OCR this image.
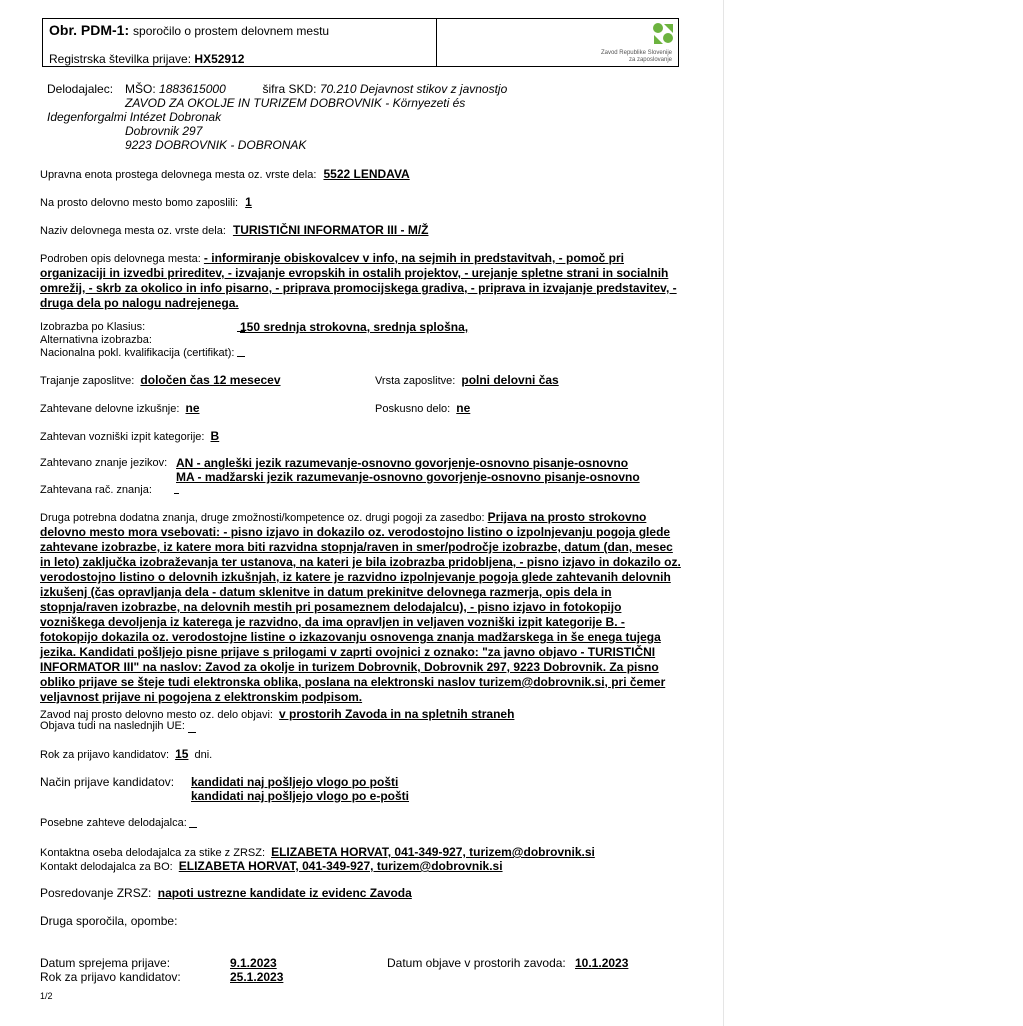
Obr. PDM-1: sporočilo o prostem delovnem mestu
Registrska številka prijave: HX52912	Zavod Republike Slovenije
za zaposlovanje
Delodajalec: MŠO: 1883615000	šifra SKD: 70.210 Dejavnost stikov z javnostjo
ZAVOD ZA OKOLJE IN TURIZEM DOBROVNIK - Környezeti és
Idegenforgalmi Intézet Dobronak
Dobrovnik 297
9223 DOBROVNIK - DOBRONAK
Upravna enota prostega delovnega mesta oz. vrste dela: 5522 LENDAVA
Na prosto delovno mesto bomo zaposlili: 1
Naziv delovnega mesta oz. vrste dela: TURISTIČNI INFORMATOR III - M/Ž
Podroben opis delovnega mesta: - informiranje obiskovalcev v info, na sejmih in predstavitvah, - pomoč pri organizaciji in izvedbi prireditev, - izvajanje evropskih in ostalih projektov, - urejanje spletne strani in socialnih omrežij, - skrb za okolico in info pisarno, - priprava promocijskega gradiva, - priprava in izvajanje predstavitev, - druga dela po nalogu nadrejenega.
Izobrazba po Klasius:	150 srednja strokovna, srednja splošna,
Alternativna izobrazba:
Nacionalna pokl. kvalifikacija (certifikat):
Trajanje zaposlitve: določen čas 12 mesecev	Vrsta zaposlitve: polni delovni čas
Zahtevane delovne izkušnje: ne	Poskusno delo: ne
Zahtevan vozniški izpit kategorije: B
Zahtevano znanje jezikov: AN - angleški jezik razumevanje-osnovno govorjenje-osnovno pisanje-osnovno
MA - madžarski jezik razumevanje-osnovno govorjenje-osnovno pisanje-osnovno
Zahtevana rač. znanja:
Druga potrebna dodatna znanja, druge zmožnosti/kompetence oz. drugi pogoji za zasedbo: Prijava na prosto strokovno delovno mesto mora vsebovati: - pisno izjavo in dokazilo oz. verodostojno listino o izpolnjevanju pogoja glede zahtevane izobrazbe, iz katere mora biti razvidna stopnja/raven in smer/področje izobrazbe, datum (dan, mesec in leto) zaključka izobraževanja ter ustanova, na kateri je bila izobrazba pridobljena, - pisno izjavo in dokazilo oz. verodostojno listino o delovnih izkušnjah, iz katere je razvidno izpolnjevanje pogoja glede zahtevanih delovnih izkušenj (čas opravljanja dela - datum sklenitve in datum prekinitve delovnega razmerja, opis dela in stopnja/raven izobrazbe, na delovnih mestih pri posameznem delodajalcu), - pisno izjavo in fotokopijo vozniškega devoljenja iz katerega je razvidno, da ima opravljen in veljaven vozniški izpit kategorije B. - fotokopijo dokazila oz. verodostojne listine o izkazovanju osnovenga znanja madžarskega in še enega tujega jezika. Kandidati pošljejo pisne prijave s prilogami v zaprti ovojnici z oznako: "za javno objavo - TURISTIČNI INFORMATOR III" na naslov: Zavod za okolje in turizem Dobrovnik, Dobrovnik 297, 9223 Dobrovnik. Za pisno obliko prijave se šteje tudi elektronska oblika, poslana na elektronski naslov turizem@dobrovnik.si, pri čemer veljavnost prijave ni pogojena z elektronskim podpisom.
Zavod naj prosto delovno mesto oz. delo objavi: v prostorih Zavoda in na spletnih straneh
Objava tudi na naslednjih UE:
Rok za prijavo kandidatov: 15 dni.
Način prijave kandidatov: kandidati naj pošljejo vlogo po pošti
kandidati naj pošljejo vlogo po e-pošti
Posebne zahteve delodajalca:
Kontaktna oseba delodajalca za stike z ZRSZ: ELIZABETA HORVAT, 041-349-927, turizem@dobrovnik.si
Kontakt delodajalca za BO: ELIZABETA HORVAT, 041-349-927, turizem@dobrovnik.si
Posredovanje ZRSZ: napoti ustrezne kandidate iz evidenc Zavoda
Druga sporočila, opombe:
Datum sprejema prijave:	9.1.2023	Datum objave v prostorih zavoda: 10.1.2023
Rok za prijavo kandidatov:	25.1.2023
1/2
